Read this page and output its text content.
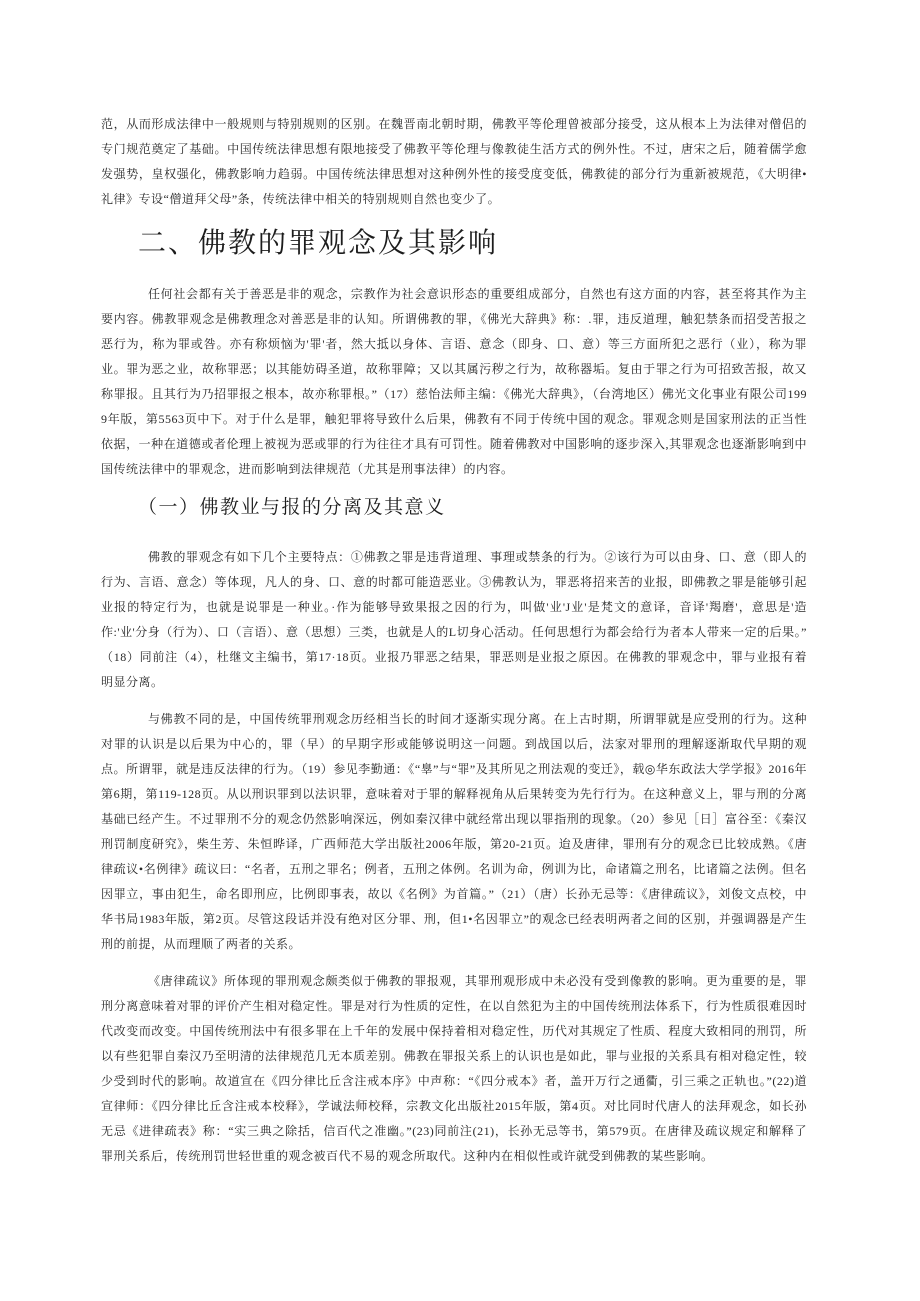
范，从而形成法律中一般规则与特别规则的区别。在魏晋南北朝时期，佛教平等伦理曾被部分接受，这从根本上为法律对僧侣的专门规范奠定了基础。中国传统法律思想有限地接受了佛教平等伦理与像教徒生活方式的例外性。不过，唐宋之后，随着儒学愈发强势，皇权强化，佛教影响力趋弱。中国传统法律思想对这种例外性的接受度变低，佛教徒的部分行为重新被规范，《大明律•礼律》专设“僧道拜父母”条，传统法律中相关的特别规则自然也变少了。

二、佛教的罪观念及其影响

任何社会都有关于善恶是非的观念，宗教作为社会意识形态的重要组成部分，自然也有这方面的内容，甚至将其作为主要内容。佛教罪观念是佛教理念对善恶是非的认知。所谓佛教的罪，《佛光大辞典》称：.罪，违反道理，触犯禁条而招受苦报之恶行为，称为罪或咎。亦有称烦恼为'罪'者，然大抵以身体、言语、意念（即身、口、意）等三方面所犯之恶行（业），称为罪业。罪为恶之业，故称罪恶；以其能妨碍圣道，故称罪障；又以其属污秽之行为，故称器垢。复由于罪之行为可招致苦报，故又称罪报。且其行为乃招罪报之根本，故亦称罪根。”（17）慈怡法师主编：《佛光大辞典》，（台湾地区）佛光文化事业有限公司1999年版，第5563页中下。对于什么是罪，触犯罪将导致什么后果，佛教有不同于传统中国的观念。罪观念则是国家刑法的正当性依据，一种在道德或者伦理上被视为恶或罪的行为往往才具有可罚性。随着佛教对中国影响的逐步深入,其罪观念也逐渐影响到中国传统法律中的罪观念，进而影响到法律规范（尤其是刑事法律）的内容。

（一）佛教业与报的分离及其意义

佛教的罪观念有如下几个主要特点：①佛教之罪是违背道理、事理或禁条的行为。②该行为可以由身、口、意（即人的行为、言语、意念）等体现，凡人的身、口、意的时都可能造恶业。③佛教认为，罪恶将招来苦的业报，即佛教之罪是能够引起业报的特定行为，也就是说罪是一种业。·作为能够导致果报之因的行为，叫做'业'J业'是梵文的意译，音译'羯磨'，意思是'造作:'业'分身（行为）、口（言语）、意（思想）三类，也就是人的L切身心活动。任何思想行为都会给行为者本人带来一定的后果。”（18）同前注（4），杜继文主编书，第17·18页。业报乃罪恶之结果，罪恶则是业报之原因。在佛教的罪观念中，罪与业报有着明显分离。

与佛教不同的是，中国传统罪刑观念历经相当长的时间才逐渐实现分离。在上古时期，所谓罪就是应受刑的行为。这种对罪的认识是以后果为中心的，罪（早）的早期字形或能够说明这一问题。到战国以后，法家对罪刑的理解逐渐取代早期的观点。所谓罪，就是违反法律的行为。（19）参见李勤通：《“辠”与“罪”及其所见之刑法观的变迁》，载◎华东政法大学学报》2016年第6期，第119-128页。从以刑识罪到以法识罪，意味着对于罪的解释视角从后果转变为先行行为。在这种意义上，罪与刑的分离基础已经产生。不过罪刑不分的观念仍然影响深远，例如秦汉律中就经常出现以罪指刑的现象。（20）参见［日］富谷至：《秦汉刑罚制度研究》，柴生芳、朱恒晔译，广西师范大学出版社2006年版，第20-21页。迨及唐律，罪刑有分的观念已比较成熟。《唐律疏议•名例律》疏议曰：“名者，五刑之罪名；例者，五刑之体例。名训为命，例训为比，命诸篇之刑名，比诸篇之法例。但名因罪立，事由犯生，命名即刑应，比例即事表，故以《名例》为首篇。”（21）（唐）长孙无忌等：《唐律疏议》，刘俊文点校，中华书局1983年版，第2页。尽管这段话并没有绝对区分罪、刑，但1•名因罪立”的观念已经表明两者之间的区别，并强调器是产生刑的前提，从而理顺了两者的关系。

《唐律疏议》所体现的罪刑观念颇类似于佛教的罪报观，其罪刑观形成中未必没有受到像教的影响。更为重要的是，罪刑分离意味着对罪的评价产生相对稳定性。罪是对行为性质的定性，在以自然犯为主的中国传统刑法体系下，行为性质很难因时代改变而改变。中国传统刑法中有很多罪在上千年的发展中保持着相对稳定性，历代对其规定了性质、程度大致相同的刑罚，所以有些犯罪自秦汉乃至明清的法律规范几无本质差别。佛教在罪报关系上的认识也是如此，罪与业报的关系具有相对稳定性，较少受到时代的影响。故道宣在《四分律比丘含注戒本序》中声称：“《四分戒本》者，盖开万行之通衢，引三乘之正轨也。”(22)道宣律师：《四分律比丘含注戒本校释》，学诚法师校释，宗教文化出版社2015年版，第4页。对比同时代唐人的法拜观念，如长孙无忌《进律疏表》称：“实三典之除括，信百代之准幽。”(23)同前注(21)，长孙无忌等书，第579页。在唐律及疏议规定和解释了罪刑关系后，传统刑罚世轻世重的观念被百代不易的观念所取代。这种内在相似性或许就受到佛教的某些影响。
